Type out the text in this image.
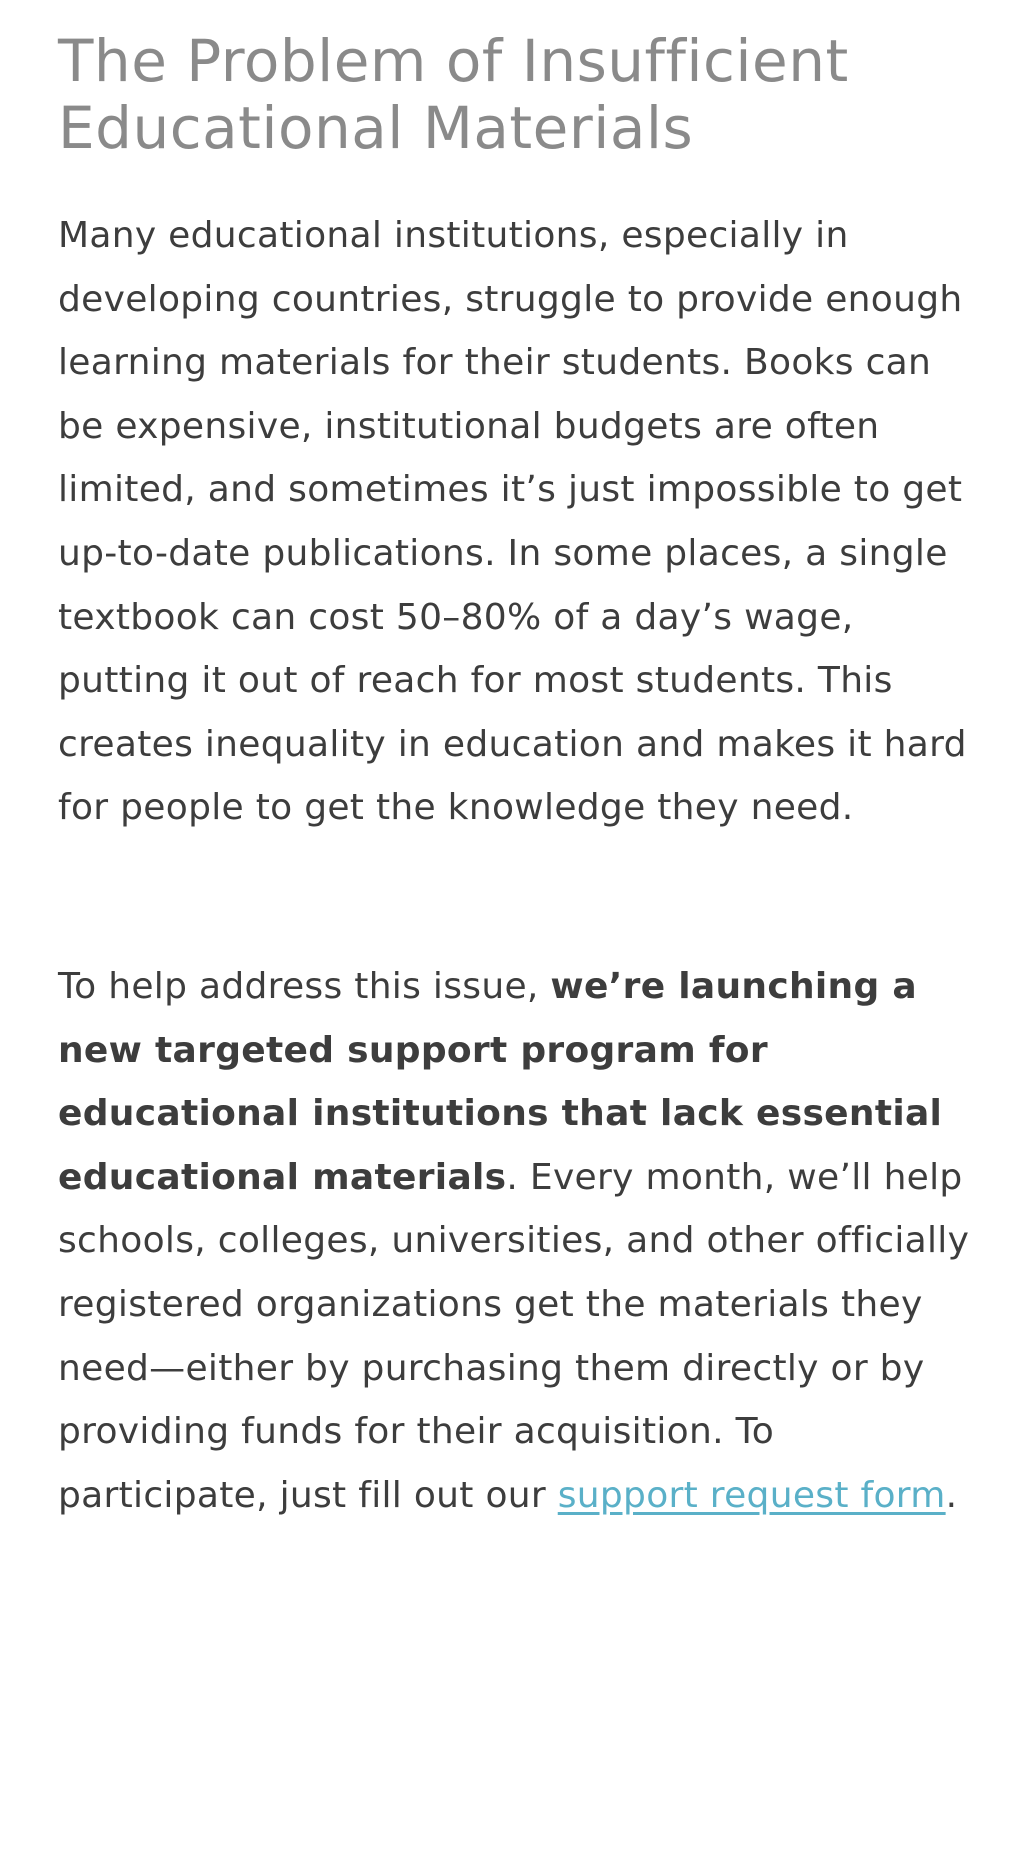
The Problem of Insufficient Educational Materials

Many educational institutions, especially in developing countries, struggle to provide enough learning materials for their students. Books can be expensive, institutional budgets are often limited, and sometimes it’s just impossible to get up-to-date publications. In some places, a single textbook can cost 50–80% of a day’s wage, putting it out of reach for most students. This creates inequality in education and makes it hard for people to get the knowledge they need.

To help address this issue, we’re launching a new targeted support program for educational institutions that lack essential educational materials. Every month, we’ll help schools, colleges, universities, and other officially registered organizations get the materials they need—either by purchasing them directly or by providing funds for their acquisition. To participate, just fill out our support request form.
